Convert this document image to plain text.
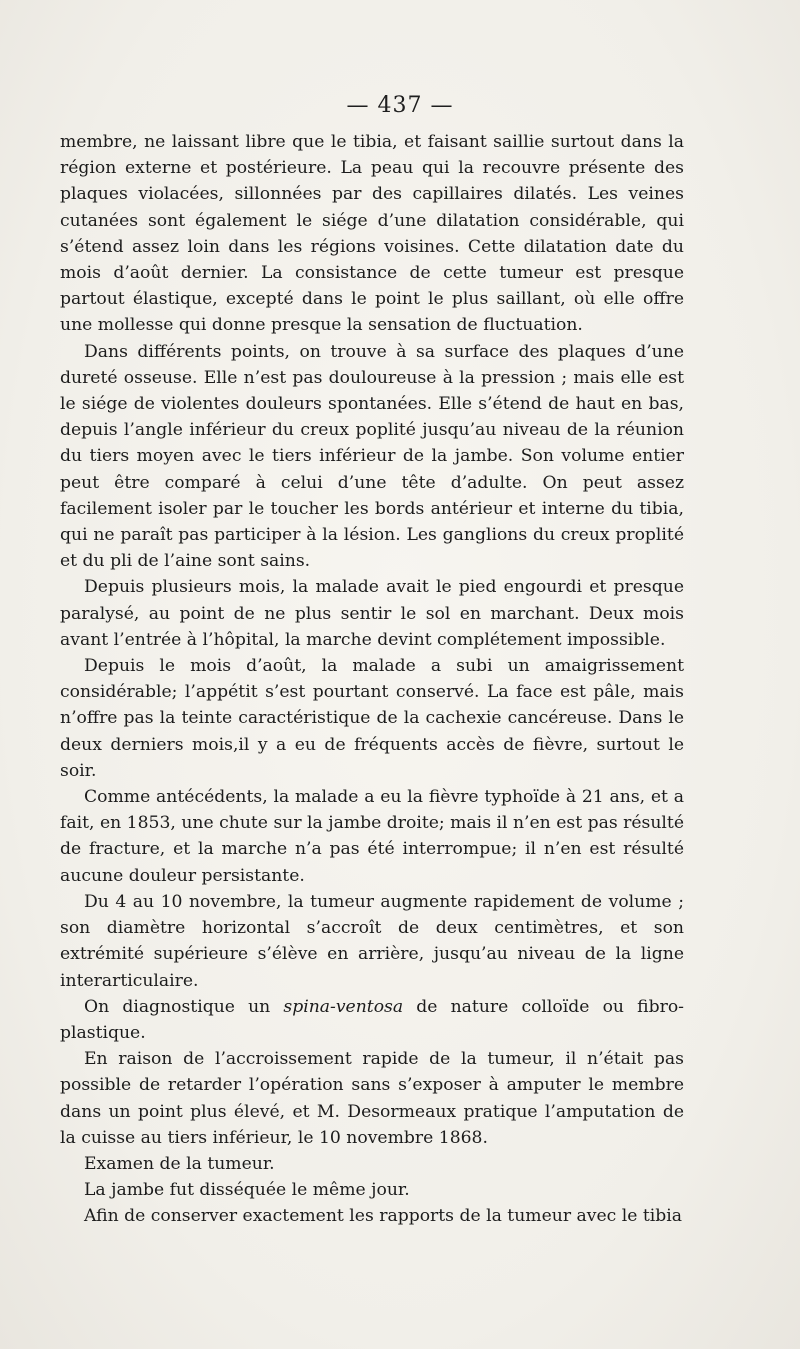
— 437 —

membre, ne laissant libre que le tibia, et faisant saillie surtout dans la région externe et postérieure. La peau qui la recouvre présente des plaques violacées, sillonnées par des capillaires dilatés. Les veines cutanées sont également le siége d’une dilatation considérable, qui s’étend assez loin dans les régions voisines. Cette dilatation date du mois d’août dernier. La consistance de cette tumeur est presque partout élastique, excepté dans le point le plus saillant, où elle offre une mollesse qui donne presque la sensation de fluctuation.

Dans différents points, on trouve à sa surface des plaques d’une dureté osseuse. Elle n’est pas douloureuse à la pression ; mais elle est le siége de violentes douleurs spontanées. Elle s’étend de haut en bas, depuis l’angle inférieur du creux poplité jusqu’au niveau de la réunion du tiers moyen avec le tiers inférieur de la jambe. Son volume entier peut être comparé à celui d’une tête d’adulte. On peut assez facilement isoler par le toucher les bords antérieur et interne du tibia, qui ne paraît pas participer à la lésion. Les ganglions du creux proplité et du pli de l’aine sont sains.

Depuis plusieurs mois, la malade avait le pied engourdi et presque paralysé, au point de ne plus sentir le sol en marchant. Deux mois avant l’entrée à l’hôpital, la marche devint complétement impossible.

Depuis le mois d’août, la malade a subi un amaigrissement considérable; l’appétit s’est pourtant conservé. La face est pâle, mais n’offre pas la teinte caractéristique de la cachexie cancéreuse. Dans le deux derniers mois,il y a eu de fréquents accès de fièvre, surtout le soir.

Comme antécédents, la malade a eu la fièvre typhoïde à 21 ans, et a fait, en 1853, une chute sur la jambe droite; mais il n’en est pas résulté de fracture, et la marche n’a pas été interrompue; il n’en est résulté aucune douleur persistante.

Du 4 au 10 novembre, la tumeur augmente rapidement de volume ; son diamètre horizontal s’accroît de deux centimètres, et son extrémité supérieure s’élève en arrière, jusqu’au niveau de la ligne interarticulaire.

On diagnostique un spina-ventosa de nature colloïde ou fibro-plastique.

En raison de l’accroissement rapide de la tumeur, il n’était pas possible de retarder l’opération sans s’exposer à amputer le membre dans un point plus élevé, et M. Desormeaux pratique l’amputation de la cuisse au tiers inférieur, le 10 novembre 1868.

Examen de la tumeur.

La jambe fut disséquée le même jour.

Afin de conserver exactement les rapports de la tumeur avec le tibia
